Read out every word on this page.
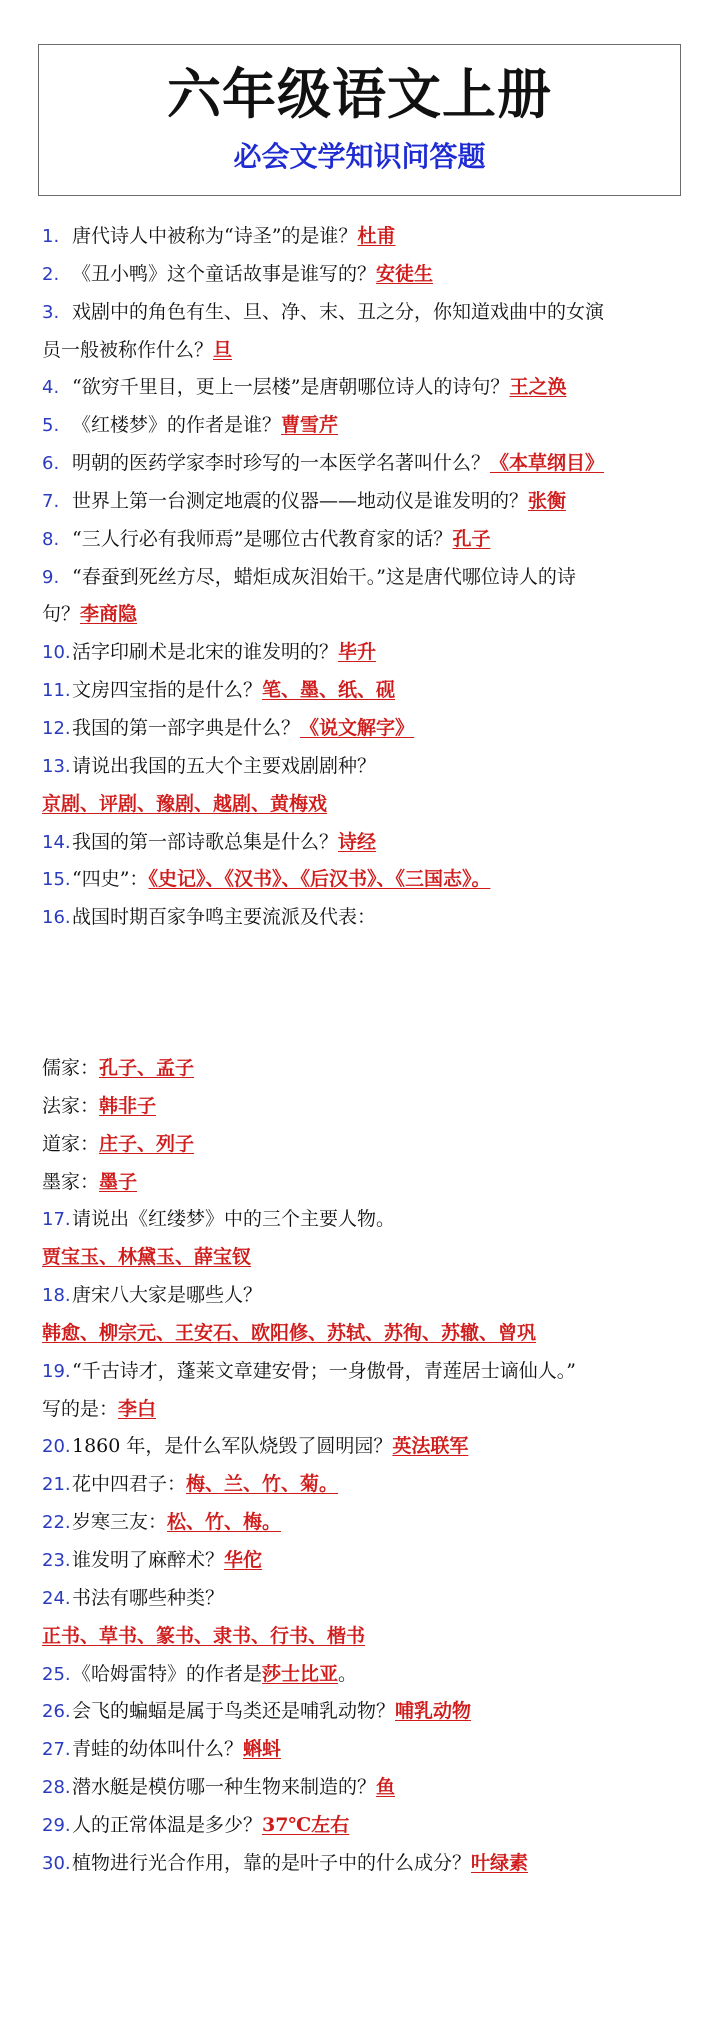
六年级语文上册
必会文学知识问答题
1. 唐代诗人中被称为“诗圣”的是谁？杜甫
2. 《丑小鸭》这个童话故事是谁写的？安徒生
3. 戏剧中的角色有生、旦、净、末、丑之分，你知道戏曲中的女演
员一般被称作什么？旦
4. “欲穷千里目，更上一层楼”是唐朝哪位诗人的诗句？王之涣
5. 《红楼梦》的作者是谁？曹雪芹
6. 明朝的医药学家李时珍写的一本医学名著叫什么？《本草纲目》
7. 世界上第一台测定地震的仪器——地动仪是谁发明的？张衡
8. “三人行必有我师焉”是哪位古代教育家的话？孔子
9. “春蚕到死丝方尽，蜡炬成灰泪始干。”这是唐代哪位诗人的诗
句？李商隐
10.活字印刷术是北宋的谁发明的？毕升
11.文房四宝指的是什么？笔、墨、纸、砚
12.我国的第一部字典是什么？《说文解字》
13.请说出我国的五大个主要戏剧剧种？
京剧、评剧、豫剧、越剧、黄梅戏
14.我国的第一部诗歌总集是什么？诗经
15.“四史”：《史记》、《汉书》、《后汉书》、《三国志》。
16.战国时期百家争鸣主要流派及代表：
儒家：孔子、孟子
法家：韩非子
道家：庄子、列子
墨家：墨子
17.请说出《红缕梦》中的三个主要人物。
贾宝玉、林黛玉、薛宝钗
18.唐宋八大家是哪些人？
韩愈、柳宗元、王安石、欧阳修、苏轼、苏徇、苏辙、曾巩
19.“千古诗才，蓬莱文章建安骨；一身傲骨，青莲居士谪仙人。”
写的是：李白
20.1860 年，是什么军队烧毁了圆明园？英法联军
21.花中四君子：梅、兰、竹、菊。
22.岁寒三友：松、竹、梅。
23.谁发明了麻醉术？华佗
24.书法有哪些种类？
正书、草书、篆书、隶书、行书、楷书
25.《哈姆雷特》的作者是莎士比亚。
26.会飞的蝙蝠是属于鸟类还是哺乳动物？哺乳动物
27.青蛙的幼体叫什么？蝌蚪
28.潜水艇是模仿哪一种生物来制造的？鱼
29.人的正常体温是多少？37℃左右
30.植物进行光合作用，靠的是叶子中的什么成分？叶绿素
